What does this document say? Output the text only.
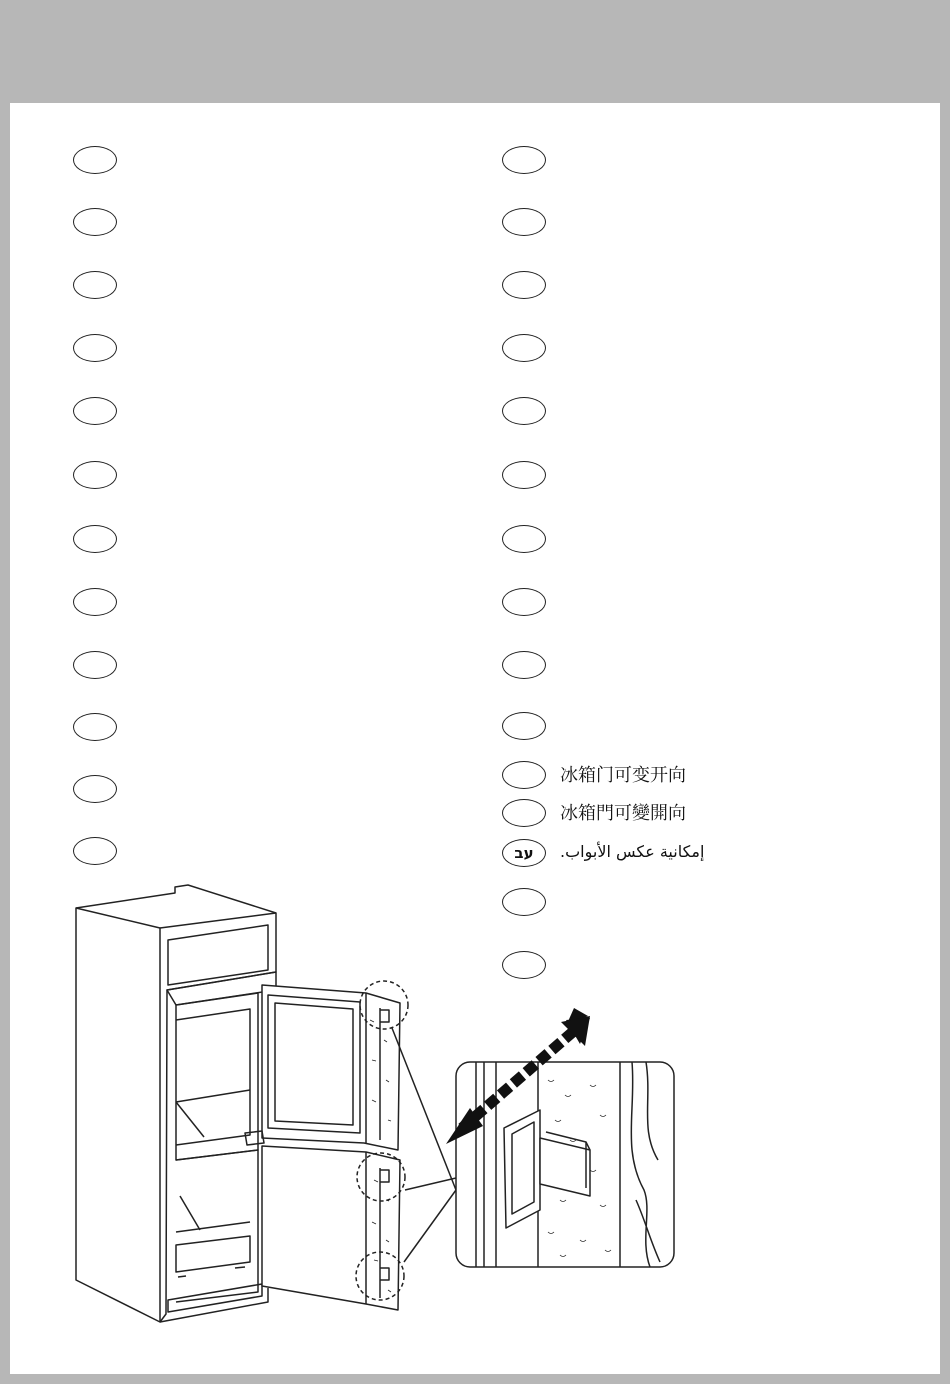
עב
冰箱门可变开向
冰箱門可變開向
إمكانية عكس الأبواب.
